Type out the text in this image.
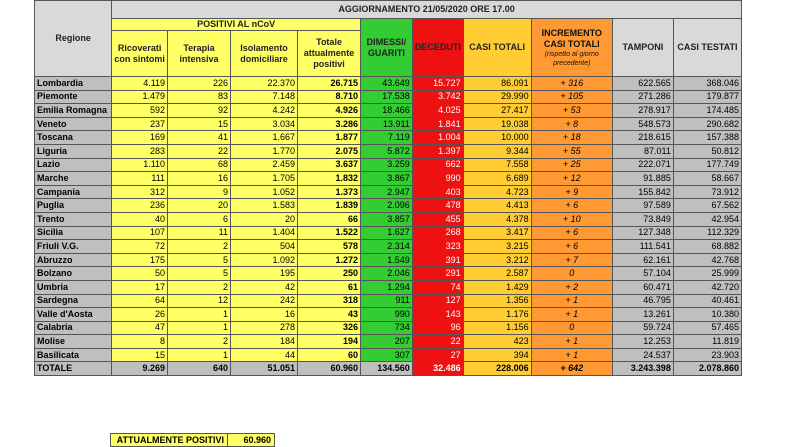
Regione	AGGIORNAMENTO 21/05/2020 ORE 17.00									
	POSITIVI AL nCoV				DIMESSI/ GUARITI	DECEDUTI	CASI TOTALI	INCREMENTO CASI TOTALI
(rispetto al giorno precedente)	TAMPONI	CASI TESTATI
	Ricoverati con sintomi	Terapia intensiva	Isolamento domiciliare	Totale attualmente positivi						
Lombardia	4.119	226	22.370	26.715	43.649	15.727	86.091	+ 316	622.565	368.046
Piemonte	1.479	83	7.148	8.710	17.538	3.742	29.990	+ 105	271.286	179.877
Emilia Romagna	592	92	4.242	4.926	18.466	4.025	27.417	+ 53	278.917	174.485
Veneto	237	15	3.034	3.286	13.911	1.841	19.038	+ 8	548.573	290.682
Toscana	169	41	1.667	1.877	7.119	1.004	10.000	+ 18	218.615	157.388
Liguria	283	22	1.770	2.075	5.872	1.397	9.344	+ 55	87.011	50.812
Lazio	1.110	68	2.459	3.637	3.259	662	7.558	+ 25	222.071	177.749
Marche	111	16	1.705	1.832	3.867	990	6.689	+ 12	91.885	58.667
Campania	312	9	1.052	1.373	2.947	403	4.723	+ 9	155.842	73.912
Puglia	236	20	1.583	1.839	2.096	478	4.413	+ 6	97.589	67.562
Trento	40	6	20	66	3.857	455	4.378	+ 10	73.849	42.954
Sicilia	107	11	1.404	1.522	1.627	268	3.417	+ 6	127.348	112.329
Friuli V.G.	72	2	504	578	2.314	323	3.215	+ 6	111.541	68.882
Abruzzo	175	5	1.092	1.272	1.549	391	3.212	+ 7	62.161	42.768
Bolzano	50	5	195	250	2.046	291	2.587	0	57.104	25.999
Umbria	17	2	42	61	1.294	74	1.429	+ 2	60.471	42.720
Sardegna	64	12	242	318	911	127	1.356	+ 1	46.795	40.461
Valle d'Aosta	26	1	16	43	990	143	1.176	+ 1	13.261	10.380
Calabria	47	1	278	326	734	96	1.156	0	59.724	57.465
Molise	8	2	184	194	207	22	423	+ 1	12.253	11.819
Basilicata	15	1	44	60	307	27	394	+ 1	24.537	23.903
TOTALE	9.269	640	51.051	60.960	134.560	32.486	228.006	+ 642	3.243.398	2.078.860
ATTUALMENTE POSITIVI	60.960
